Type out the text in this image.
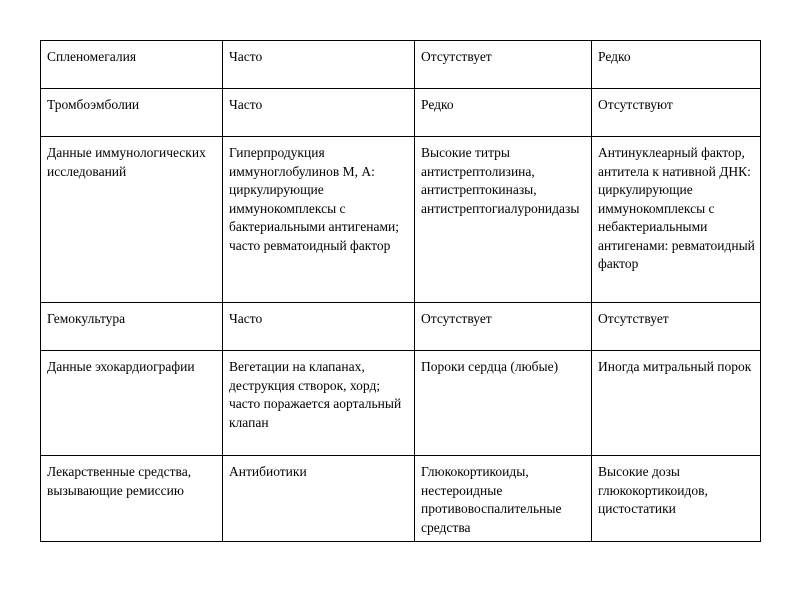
Спленомегалия	Часто	Отсутствует	Редко
Тромбоэмболии	Часто	Редко	Отсутствуют
Данные иммунологических исследований	Гиперпродукция иммуноглобулинов М, А: циркулирующие иммунокомплексы с бактериальными антигенами; часто ревматоидный фактор	Высокие титры антистрептолизина, антистрептокиназы, антистрептогиалуронидазы	Антинуклеарный фактор, антитела к нативной ДНК: циркулирующие иммунокомплексы с небактериальными антигенами: ревматоидный фактор
Гемокультура	Часто	Отсутствует	Отсутствует
Данные эхокардиографии	Вегетации на клапанах, деструкция створок, хорд; часто поражается аортальный клапан	Пороки сердца (любые)	Иногда митральный порок
Лекарственные средства, вызывающие ремиссию	Антибиотики	Глюкокортикоиды, нестероидные противовоспалительные средства	Высокие дозы глюкокортикоидов, цистостатики
